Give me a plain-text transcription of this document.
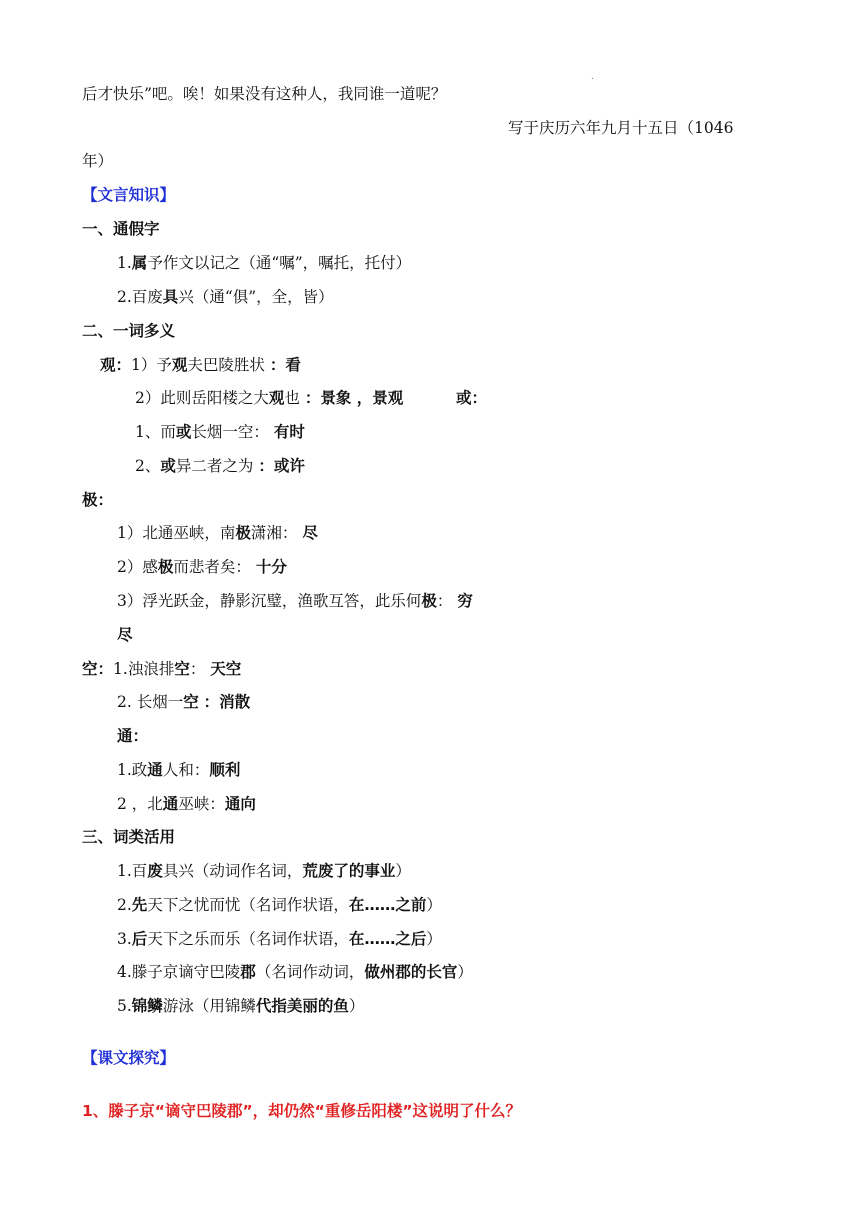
.
后才快乐”吧。唉！如果没有这种人，我同谁一道呢？
写于庆历六年九月十五日（1046
年）
【文言知识】
一、通假字
1.属予作文以记之（通“嘱”，嘱托，托付）
2.百废具兴（通“俱”，全，皆）
二、一词多义
观：1）予观夫巴陵胜状 ：看
2）此则岳阳楼之大观也 ：景象 ，景观	或：
1、而或长烟一空： 有时
2、或异二者之为 ：或许
极：
1）北通巫峡，南极潇湘： 尽
2）感极而悲者矣： 十分
3）浮光跃金，静影沉璧，渔歌互答，此乐何极： 穷
尽
空：1.浊浪排空： 天空
2. 长烟一空 ：消散
通：
1.政通人和：顺利
2 ，北通巫峡：通向
三、词类活用
1.百废具兴（动词作名词，荒废了的事业）
2.先天下之忧而忧（名词作状语，在……之前）
3.后天下之乐而乐（名词作状语，在……之后）
4.滕子京谪守巴陵郡（名词作动词，做州郡的长官）
5.锦鳞游泳（用锦鳞代指美丽的鱼）
【课文探究】
1、滕子京“谪守巴陵郡”，却仍然“重修岳阳楼”这说明了什么？
